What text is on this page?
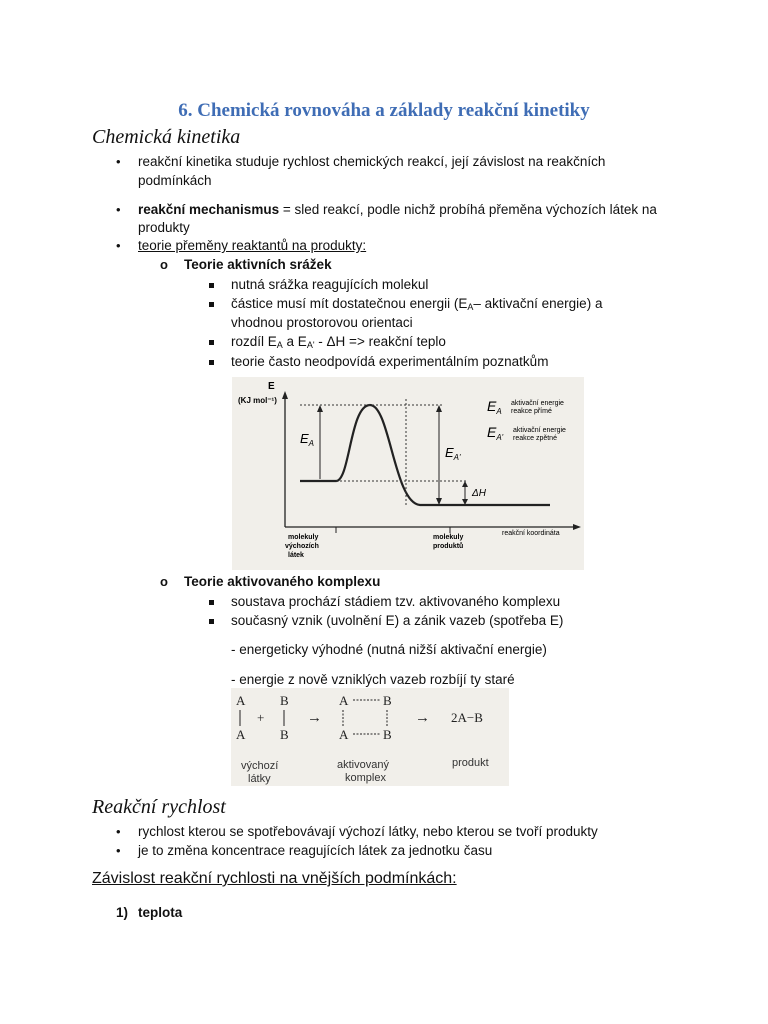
6. Chemická rovnováha a základy reakční kinetiky
Chemická kinetika
• reakční kinetika studuje rychlost chemických reakcí, její závislost na reakčních
podmínkách
• reakční mechanismus = sled reakcí, podle nichž probíhá přeměna výchozích látek na
produkty
• teorie přeměny reaktantů na produkty:
o Teorie aktivních srážek
nutná srážka reagujících molekul
částice musí mít dostatečnou energii ($E_A-$ aktivační energie) a
vhodnou prostorovou orientaci
rozdíl $E_A$ a $E_{A'}$ - ΔH => reakční teplo
teorie často neodpovídá experimentálním poznatkům
E
(KJ mol⁻¹)
$E_A$
$E_{A'}$
ΔH
$E_A$
aktivační energie
reakce přímé
$E_{A'}$
aktivační energie
reakce zpětné
reakční koordináta
molekuly
výchozích
látek
molekuly
produktů
o Teorie aktivovaného komplexu
soustava prochází stádiem tzv. aktivovaného komplexu
současný vznik (uvolnění E) a zánik vazeb (spotřeba E)
- energeticky výhodné (nutná nižší aktivační energie)
- energie z nově vzniklých vazeb rozbíjí ty staré
A	B
A	B
+	→
A	B
A	B
→ 2A−B
výchozí
látky
aktivovaný
komplex
produkt
Reakční rychlost
• rychlost kterou se spotřebovávají výchozí látky, nebo kterou se tvoří produkty
• je to změna koncentrace reagujících látek za jednotku času
Závislost reakční rychlosti na vnějších podmínkách:
1) teplota
